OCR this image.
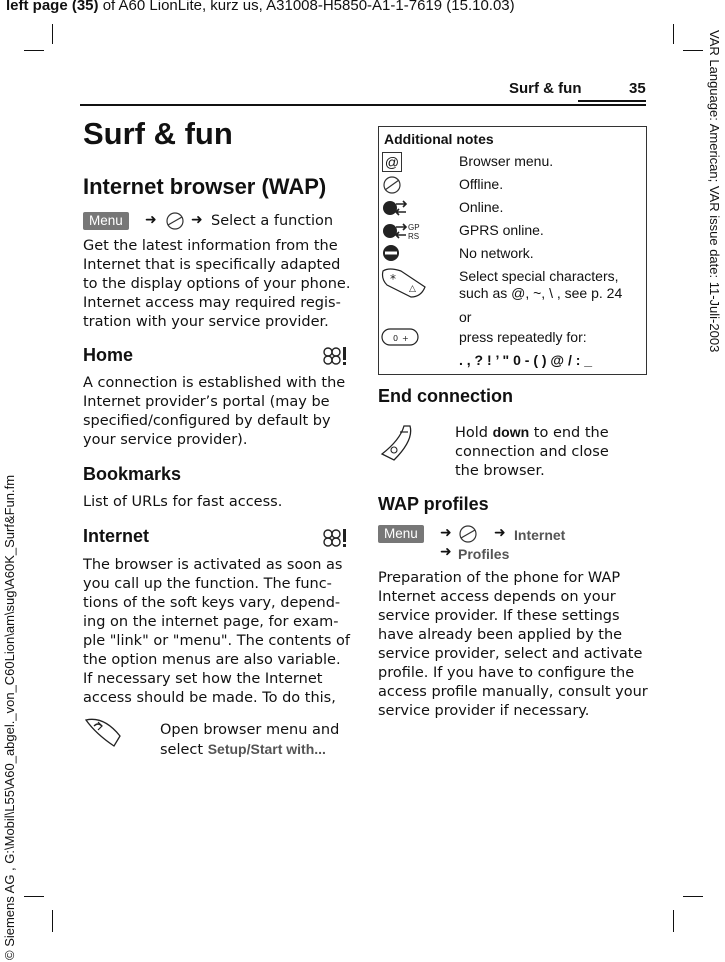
left page (35) of A60 LionLite, kurz us, A31008-H5850-A1-1-7619 (15.10.03)
VAR Language: American; VAR issue date: 11-Juli-2003
© Siemens AG , G:\Mobil\L55\A60_abgel._von_C60Lion\am\sug\A60K_Surf&Fun.fm
Surf & fun	35
Surf & fun
Internet browser (WAP)
Menu	➜ ➜ Select a function
Get the latest information from the
Internet that is specifically adapted
to the display options of your phone.
Internet access may required regis-
tration with your service provider.
Home
A connection is established with the
Internet provider’s portal (may be
specified/configured by default by
your service provider).
Bookmarks
List of URLs for fast access.
Internet
The browser is activated as soon as
you call up the function. The func-
tions of the soft keys vary, depend-
ing on the internet page, for exam-
ple "link" or "menu". The contents of
the option menus are also variable.
If necessary set how the Internet
access should be made. To do this,
Open browser menu and
select Setup/Start with...
Additional notes
@	Browser menu.
Offline.
Online.
GP
RS	GPRS online.
No network.
*
△
Select special characters,
such as @, ~, \ , see p. 24
or
0 +	press repeatedly for:
. , ? ! ’ " 0 - ( ) @ / : _
End connection
Hold down to end the
connection and close
the browser.
WAP profiles
Menu	➜	➜ Internet
➜ Profiles
Preparation of the phone for WAP
Internet access depends on your
service provider. If these settings
have already been applied by the
service provider, select and activate
profile. If you have to configure the
access profile manually, consult your
service provider if necessary.
